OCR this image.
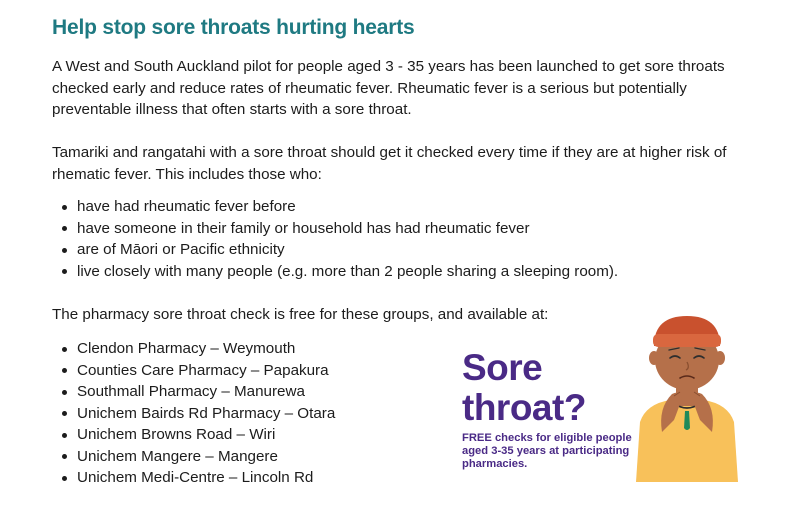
Help stop sore throats hurting hearts

A West and South Auckland pilot for people aged 3 - 35 years has been launched to get sore throats checked early and reduce rates of rheumatic fever. Rheumatic fever is a serious but potentially preventable illness that often starts with a sore throat.

Tamariki and rangatahi with a sore throat should get it checked every time if they are at higher risk of rhematic fever. This includes those who:

have had rheumatic fever before
have someone in their family or household has had rheumatic fever
are of Māori or Pacific ethnicity
live closely with many people (e.g. more than 2 people sharing a sleeping room).

The pharmacy sore throat check is free for these groups, and available at:

Clendon Pharmacy – Weymouth
Counties Care Pharmacy – Papakura
Southmall Pharmacy – Manurewa
Unichem Bairds Rd Pharmacy – Otara
Unichem Browns Road – Wiri
Unichem Mangere – Mangere
Unichem Medi-Centre – Lincoln Rd

Sore

throat?

FREE checks for eligible people aged 3-35 years at participating pharmacies.
